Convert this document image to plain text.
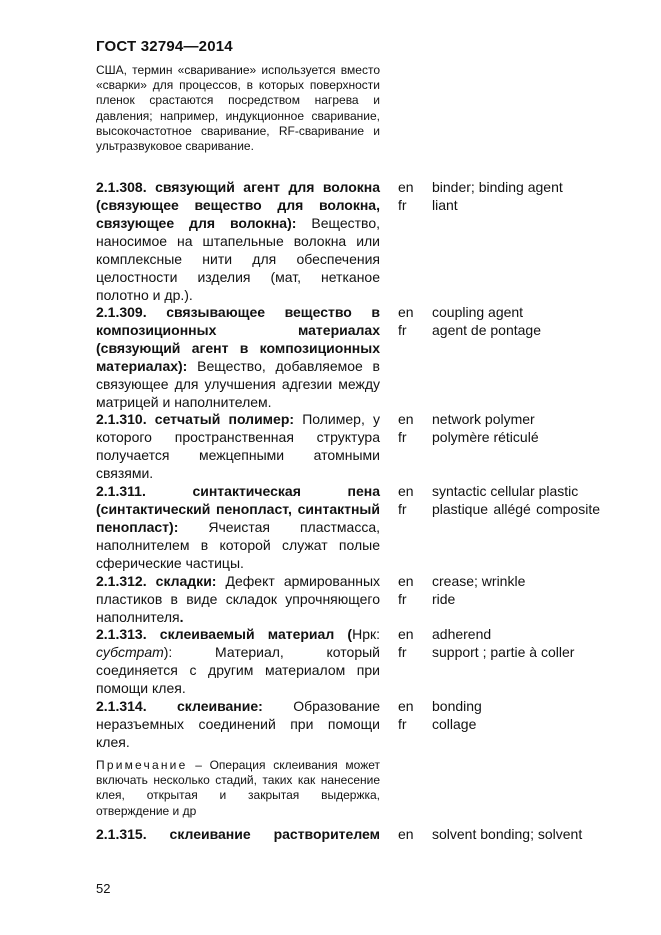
ГОСТ 32794—2014
США, термин «сваривание» используется вместо «сварки» для процессов, в которых поверхности пленок срастаются посредством нагрева и давления; например, индукционное сваривание, высокочастотное сваривание, RF-сваривание и ультразвуковое сваривание.
2.1.308. связующий агент для волокна (связующее вещество для волокна, связующее для волокна): Вещество, наносимое на штапельные волокна или комплексные нити для обеспечения целостности изделия (мат, нетканое полотно и др.).
en
fr
binder; binding agent
liant
2.1.309. связывающее вещество в композиционных материалах (связующий агент в композиционных материалах): Вещество, добавляемое в связующее для улучшения адгезии между матрицей и наполнителем.
en
fr
coupling agent
agent de pontage
2.1.310. сетчатый полимер: Полимер, у которого пространственная структура получается межцепными атомными связями.
en
fr
network polymer
polymère réticulé
2.1.311.	синтактическая пена (синтактический пенопласт, синтактный пенопласт): Ячеистая пластмасса, наполнителем в которой служат полые сферические частицы.
en
fr
syntactic cellular plastic
plastique allégé composite
2.1.312. складки: Дефект армированных пластиков в виде складок упрочняющего наполнителя.
en
fr
crease; wrinkle
ride
2.1.313. склеиваемый материал (Нрк: субстрат): Материал, который соединяется с другим материалом при помощи клея.
en
fr
adherend
support ; partie à coller
2.1.314. склеивание: Образование неразъемных соединений при помощи клея.
en
fr
bonding
collage
Примечание – Операция склеивания может включать несколько стадий, таких как нанесение клея, открытая и закрытая выдержка, отверждение и др
2.1.315. склеивание растворителем en	solvent bonding; solvent
52
